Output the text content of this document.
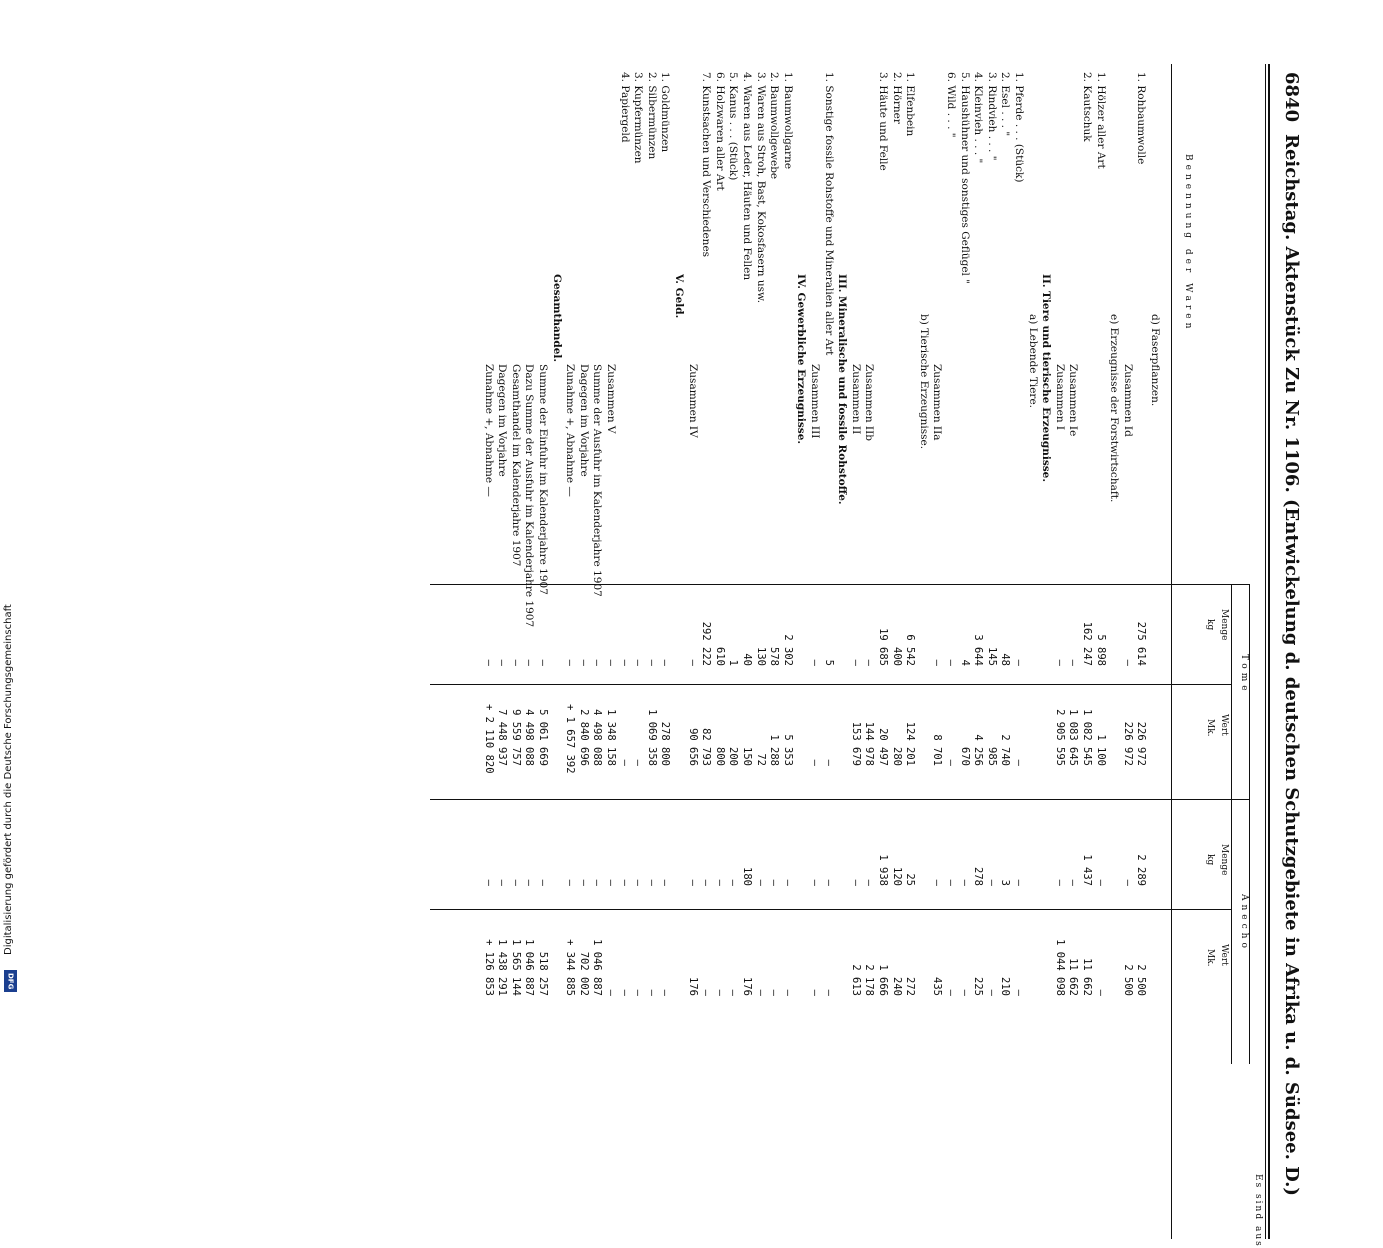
6840
Reichstag. Aktenstück Zu Nr. 1106. (Entwickelung d. deutschen Schutzgebiete in Afrika u. d. Südsee. D.)
Benennung der Waren
Es sind aus
Tome
Anecho
Menge
kg
Wert
Mk.
Menge
kg
Wert
Mk.
d) Faserpflanzen.
1. Rohbaumwolle
275 614
226 972
2 289
2 500
Zusammen Id
—
226 972
—
2 500
e) Erzeugnisse der Forstwirtschaft.
1. Hölzer aller Art
5 898
1 100
—
—
2. Kautschuk
162 247
1 082 545
1 437
11 662
Zusammen Ie
—
1 083 645
—
11 662
Zusammen I
—
2 905 595
—
1 044 098
II. Tiere und tierische Erzeugnisse.
a) Lebende Tiere.
1. Pferde . . . (Stück)
—
—
—
—
2. Esel . . . "
48
2 740
3
210
3. Rindvieh . . . "
145
985
—
—
4. Kleinvieh . . . "
3 644
4 256
278
225
5. Haushühner und sonstiges Geflügel "
4
670
—
—
6. Wild . . . "
—
—
—
—
Zusammen IIa
—
8 701
—
435
b) Tierische Erzeugnisse.
1. Elfenbein
6 542
124 201
25
272
2. Hörner
400
280
120
240
3. Häute und Felle
19 685
20 497
1 938
1 666
Zusammen IIb
—
144 978
—
2 178
Zusammen II
—
153 679
—
2 613
III. Mineralische und fossile Rohstoffe.
1. Sonstige fossile Rohstoffe und Mineralien aller Art
5
—
—
—
Zusammen III
—
—
—
—
IV. Gewerbliche Erzeugnisse.
1. Baumwollgarne
2 302
5 353
—
—
2. Baumwollgewebe
578
1 288
—
—
3. Waren aus Stroh, Bast, Kokosfasern usw.
130
72
—
—
4. Waren aus Leder, Häuten und Fellen
40
150
180
176
5. Kanus . . . (Stück)
1
200
—
—
6. Holzwaren aller Art
610
800
—
—
7. Kunstsachen und Verschiedenes
292 222
82 793
—
—
Zusammen IV
—
90 656
—
176
V. Geld.
1. Goldmünzen
—
278 800
—
—
2. Silbermünzen
—
1 069 358
—
—
3. Kupfermünzen
—
—
—
—
4. Papiergeld
—
—
—
—
Zusammen V
—
1 348 158
—
—
Summe der Ausfuhr im Kalenderjahre 1907
—
4 498 088
—
1 046 887
Dagegen im Vorjahre
—
2 840 696
—
702 002
Zunahme +, Abnahme —
—
+ 1 657 392
—
+ 344 885
Gesamthandel.
Summe der Einfuhr im Kalenderjahre 1907
—
5 061 669
—
518 257
Dazu Summe der Ausfuhr im Kalenderjahre 1907
—
4 498 088
—
1 046 887
Gesamthandel im Kalenderjahre 1907
—
9 559 757
—
1 565 144
Dagegen im Vorjahre
—
7 448 937
—
1 438 291
Zunahme +, Abnahme —
—
+ 2 110 820
—
+ 126 853
Digitalisierung gefördert durch die Deutsche Forschungsgemeinschaft
DFG
